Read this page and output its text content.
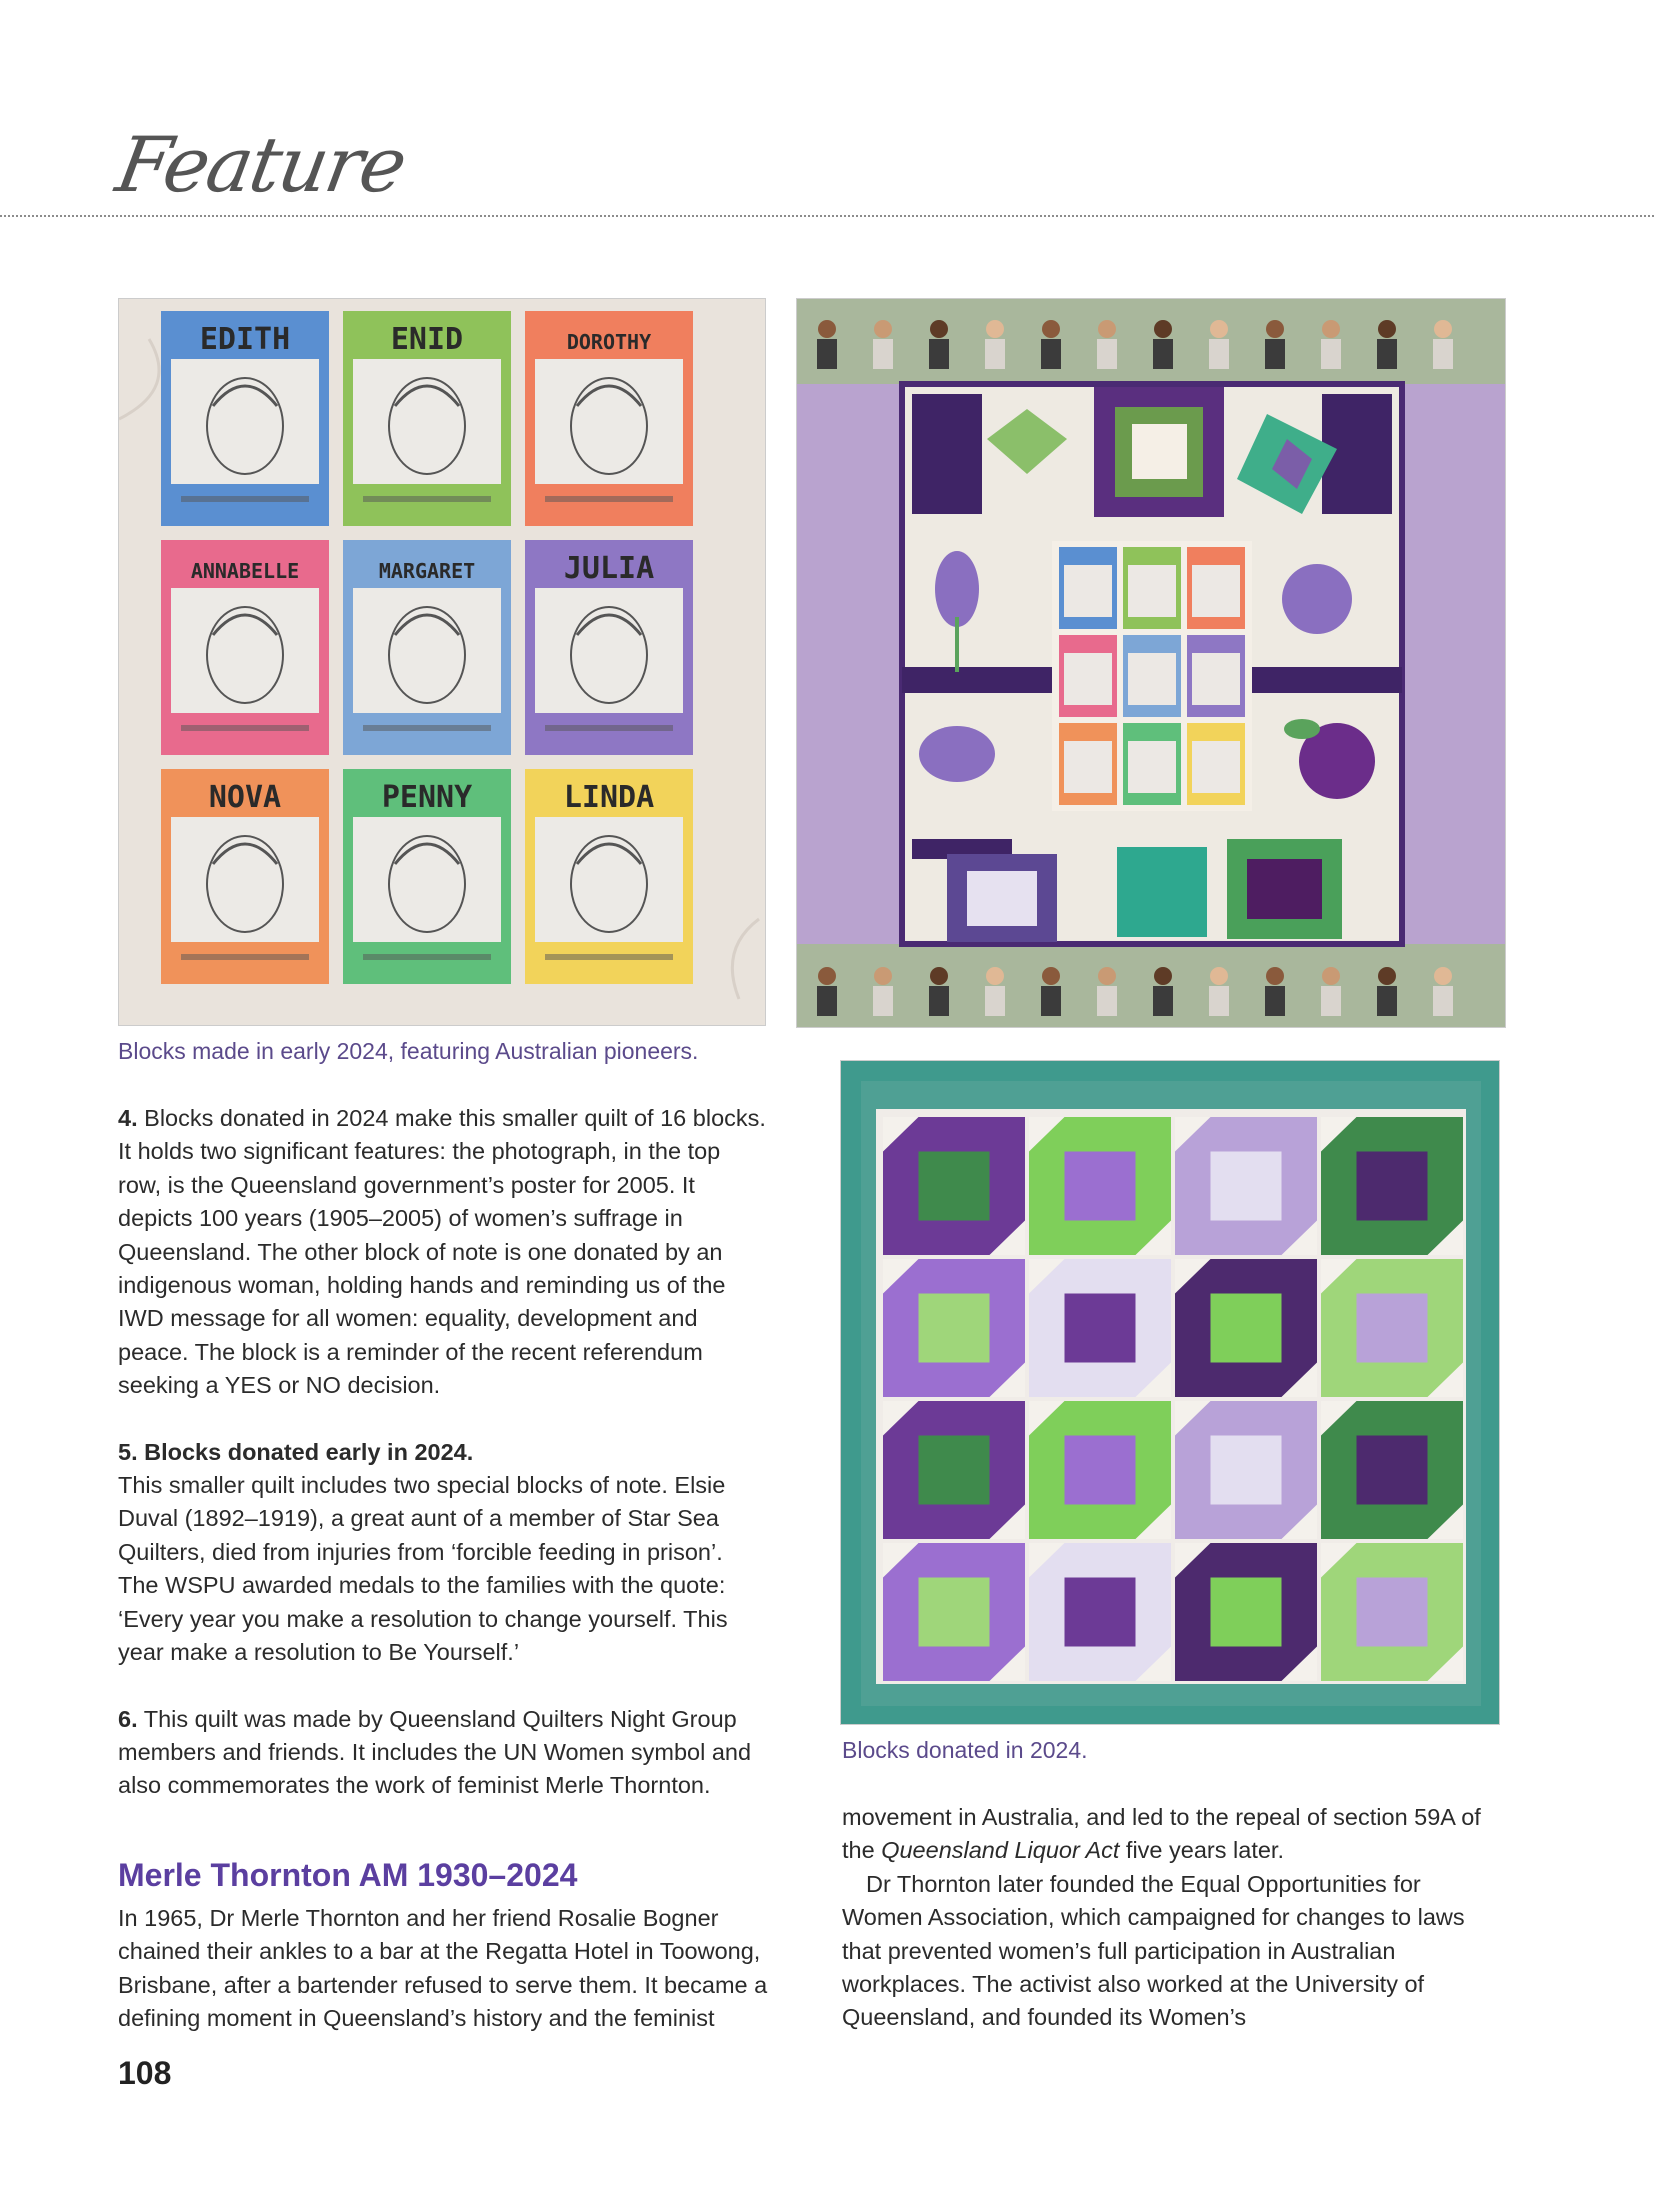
Feature
EDITH	ENID	DOROTHY
ANNABELLE	MARGARET	JULIA
NOVA	PENNY	LINDA
Blocks made in early 2024, featuring Australian pioneers.
Blocks donated in 2024.

4. Blocks donated in 2024 make this smaller quilt of 16 blocks. It holds two significant features: the photograph, in the top row, is the Queensland government’s poster for 2005. It depicts 100 years (1905–2005) of women’s suffrage in Queensland. The other block of note is one donated by an indigenous woman, holding hands and reminding us of the IWD message for all women: equality, development and peace. The block is a reminder of the recent referendum seeking a YES or NO decision.

5. Blocks donated early in 2024.
This smaller quilt includes two special blocks of note. Elsie Duval (1892–1919), a great aunt of a member of Star Sea Quilters, died from injuries from ‘forcible feeding in prison’. The WSPU awarded medals to the families with the quote: ‘Every year you make a resolution to change yourself. This year make a resolution to Be Yourself.’

6. This quilt was made by Queensland Quilters Night Group members and friends. It includes the UN Women symbol and also commemorates the work of feminist Merle Thornton.

Merle Thornton AM 1930–2024

In 1965, Dr Merle Thornton and her friend Rosalie Bogner chained their ankles to a bar at the Regatta Hotel in Toowong, Brisbane, after a bartender refused to serve them. It became a defining moment in Queensland’s history and the feminist

movement in Australia, and led to the repeal of section 59A of the Queensland Liquor Act five years later.

Dr Thornton later founded the Equal Opportunities for Women Association, which campaigned for changes to laws that prevented women’s full participation in Australian workplaces. The activist also worked at the University of Queensland, and founded its Women’s

108
